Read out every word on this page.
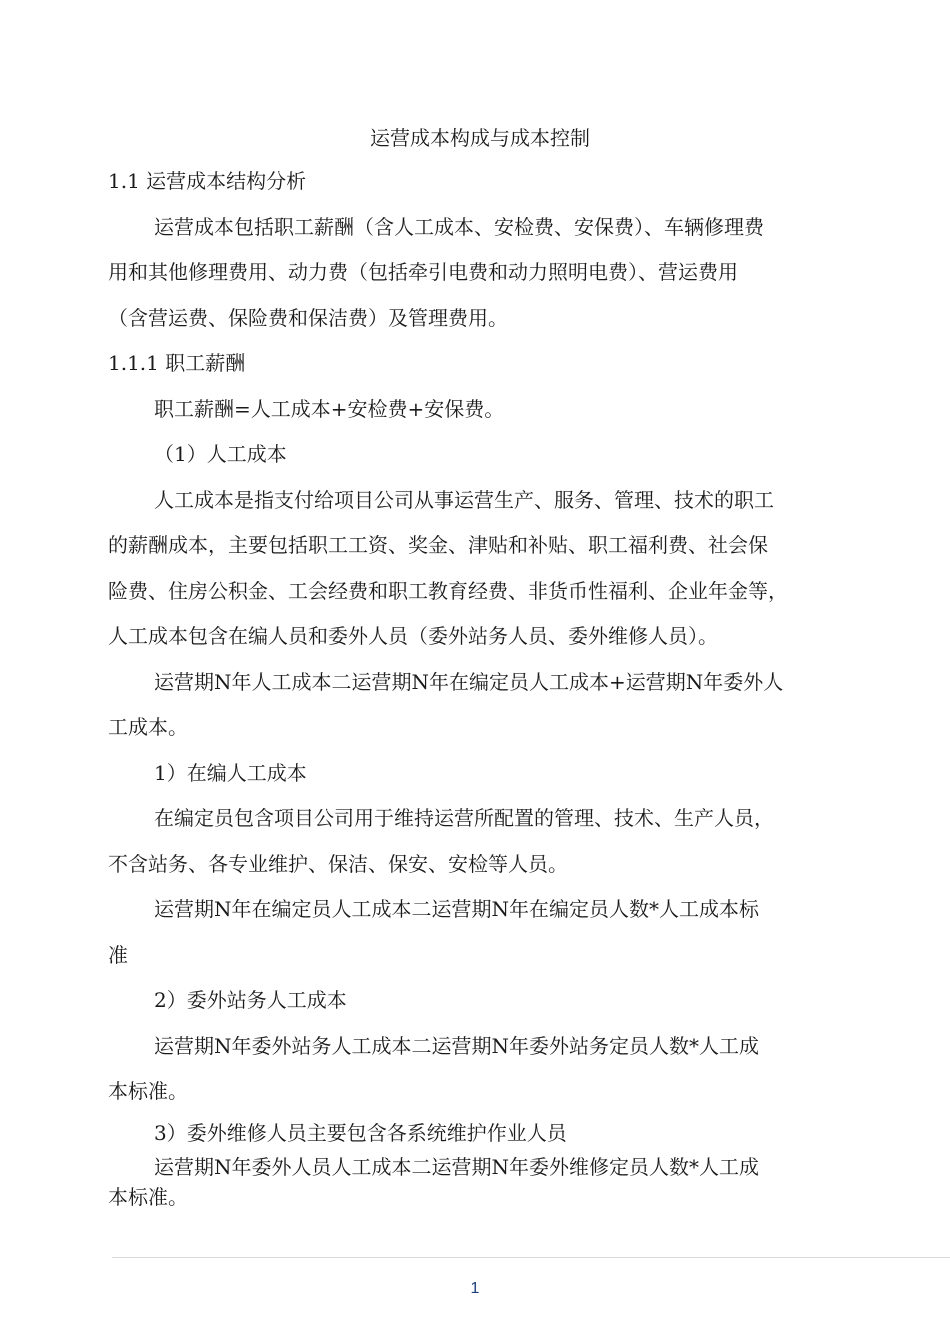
运营成本构成与成本控制

1.1 运营成本结构分析

运营成本包括职工薪酬（含人工成本、安检费、安保费）、车辆修理费

用和其他修理费用、动力费（包括牵引电费和动力照明电费）、营运费用

（含营运费、保险费和保洁费）及管理费用。

1.1.1 职工薪酬

职工薪酬=人工成本+安检费+安保费。

（1）人工成本

人工成本是指支付给项目公司从事运营生产、服务、管理、技术的职工

的薪酬成本，主要包括职工工资、奖金、津贴和补贴、职工福利费、社会保

险费、住房公积金、工会经费和职工教育经费、非货币性福利、企业年金等，

人工成本包含在编人员和委外人员（委外站务人员、委外维修人员）。

运营期N年人工成本二运营期N年在编定员人工成本+运营期N年委外人

工成本。

1）在编人工成本

在编定员包含项目公司用于维持运营所配置的管理、技术、生产人员，

不含站务、各专业维护、保洁、保安、安检等人员。

运营期N年在编定员人工成本二运营期N年在编定员人数*人工成本标

准

2）委外站务人工成本

运营期N年委外站务人工成本二运营期N年委外站务定员人数*人工成

本标准。

3）委外维修人员主要包含各系统维护作业人员

运营期N年委外人员人工成本二运营期N年委外维修定员人数*人工成

本标准。

1
